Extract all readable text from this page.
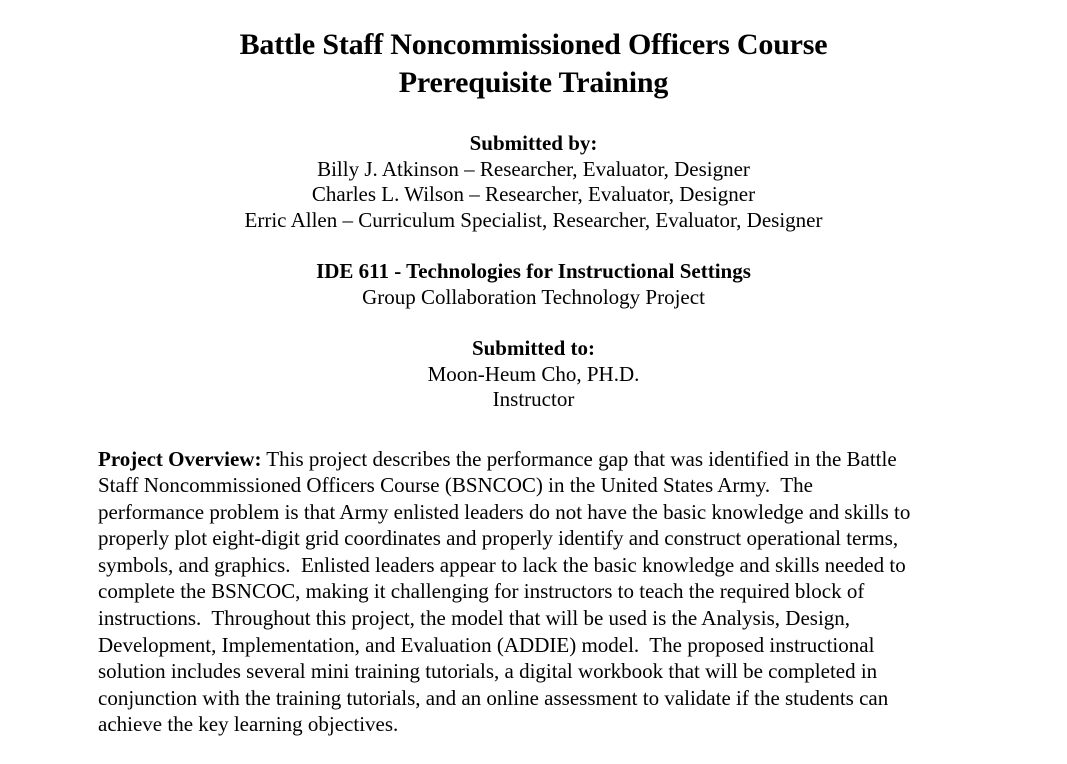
Battle Staff Noncommissioned Officers Course
Prerequisite Training
Submitted by:
Billy J. Atkinson – Researcher, Evaluator, Designer
Charles L. Wilson – Researcher, Evaluator, Designer
Erric Allen – Curriculum Specialist, Researcher, Evaluator, Designer
IDE 611 - Technologies for Instructional Settings
Group Collaboration Technology Project
Submitted to:
Moon-Heum Cho, PH.D.
Instructor

Project Overview: This project describes the performance gap that was identified in the Battle
Staff Noncommissioned Officers Course (BSNCOC) in the United States Army.  The
performance problem is that Army enlisted leaders do not have the basic knowledge and skills to
properly plot eight-digit grid coordinates and properly identify and construct operational terms,
symbols, and graphics.  Enlisted leaders appear to lack the basic knowledge and skills needed to
complete the BSNCOC, making it challenging for instructors to teach the required block of
instructions.  Throughout this project, the model that will be used is the Analysis, Design,
Development, Implementation, and Evaluation (ADDIE) model.  The proposed instructional
solution includes several mini training tutorials, a digital workbook that will be completed in
conjunction with the training tutorials, and an online assessment to validate if the students can
achieve the key learning objectives.
